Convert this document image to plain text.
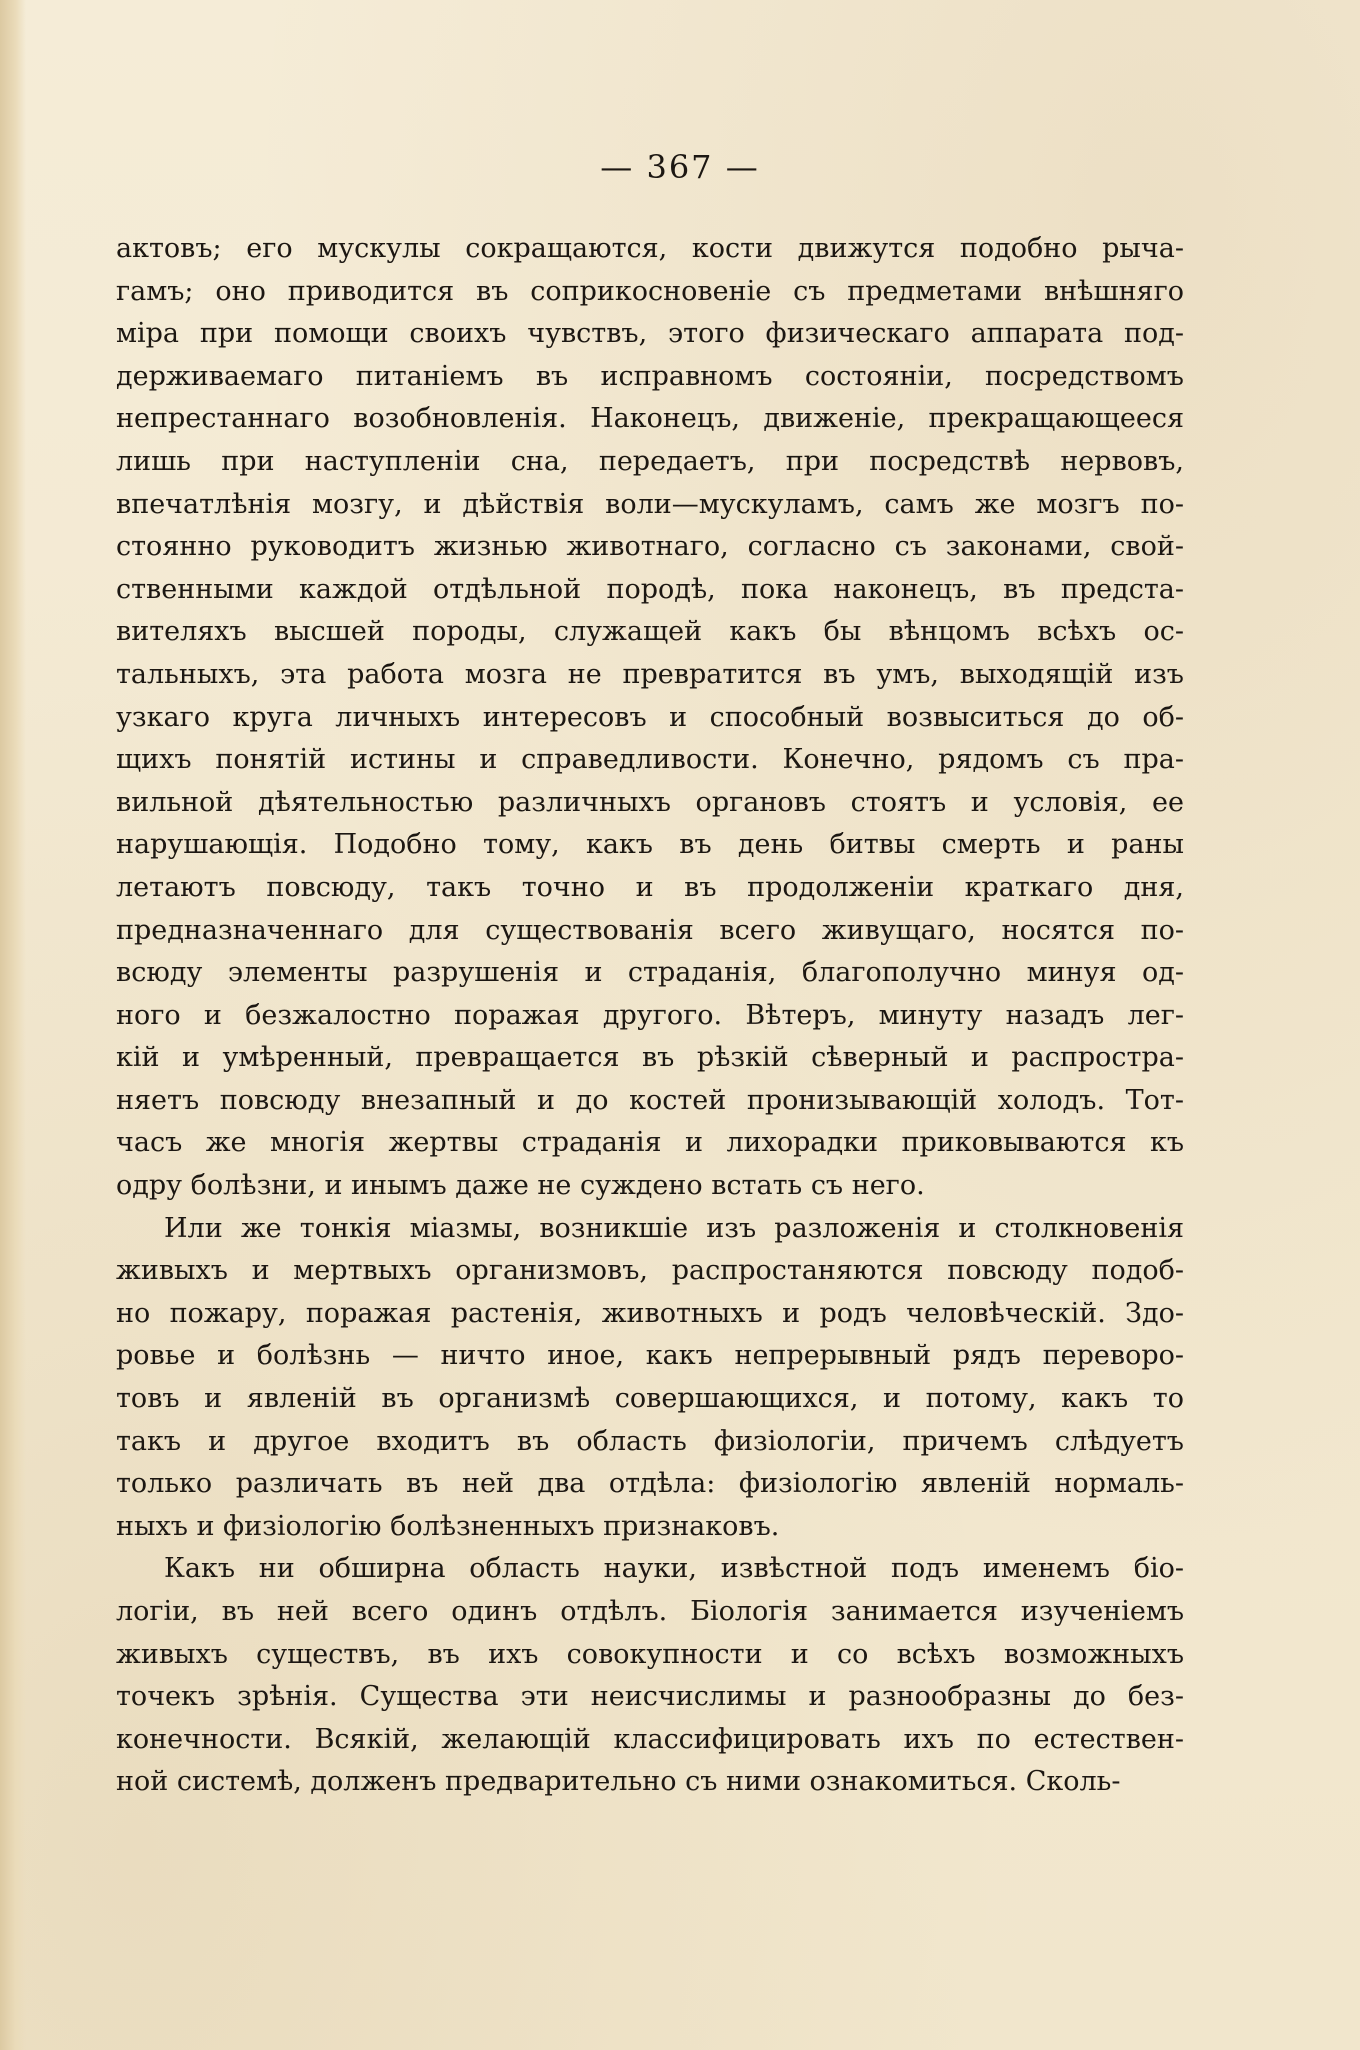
— 367 —
актовъ; его мускулы сокращаются, кости движутся подобно рыча-
гамъ; оно приводится въ соприкосновеніе съ предметами внѣшняго
міра при помощи своихъ чувствъ, этого физическаго аппарата под-
держиваемаго питаніемъ въ исправномъ состояніи, посредствомъ
непрестаннаго возобновленія. Наконецъ, движеніе, прекращающееся
лишь при наступленіи сна, передаетъ, при посредствѣ нервовъ,
впечатлѣнія мозгу, и дѣйствія воли—мускуламъ, самъ же мозгъ по-
стоянно руководитъ жизнью животнаго, согласно съ законами, свой-
ственными каждой отдѣльной породѣ, пока наконецъ, въ предста-
вителяхъ высшей породы, служащей какъ бы вѣнцомъ всѣхъ ос-
тальныхъ, эта работа мозга не превратится въ умъ, выходящій изъ
узкаго круга личныхъ интересовъ и способный возвыситься до об-
щихъ понятій истины и справедливости. Конечно, рядомъ съ пра-
вильной дѣятельностью различныхъ органовъ стоятъ и условія, ее
нарушающія. Подобно тому, какъ въ день битвы смерть и раны
летаютъ повсюду, такъ точно и въ продолженіи краткаго дня,
предназначеннаго для существованія всего живущаго, носятся по-
всюду элементы разрушенія и страданія, благополучно минуя од-
ного и безжалостно поражая другого. Вѣтеръ, минуту назадъ лег-
кій и умѣренный, превращается въ рѣзкій сѣверный и распростра-
няетъ повсюду внезапный и до костей пронизывающій холодъ. Тот-
часъ же многія жертвы страданія и лихорадки приковываются къ
одру болѣзни, и инымъ даже не суждено встать съ него.
Или же тонкія міазмы, возникшіе изъ разложенія и столкновенія
живыхъ и мертвыхъ организмовъ, распростаняются повсюду подоб-
но пожару, поражая растенія, животныхъ и родъ человѣческій. Здо-
ровье и болѣзнь — ничто иное, какъ непрерывный рядъ переворо-
товъ и явленій въ организмѣ совершающихся, и потому, какъ то
такъ и другое входитъ въ область физіологіи, причемъ слѣдуетъ
только различать въ ней два отдѣла: физіологію явленій нормаль-
ныхъ и физіологію болѣзненныхъ признаковъ.
Какъ ни обширна область науки, извѣстной подъ именемъ біо-
логіи, въ ней всего одинъ отдѣлъ. Біологія занимается изученіемъ
живыхъ существъ, въ ихъ совокупности и со всѣхъ возможныхъ
точекъ зрѣнія. Существа эти неисчислимы и разнообразны до без-
конечности. Всякій, желающій классифицировать ихъ по естествен-
ной системѣ, долженъ предварительно съ ними ознакомиться. Сколь-
